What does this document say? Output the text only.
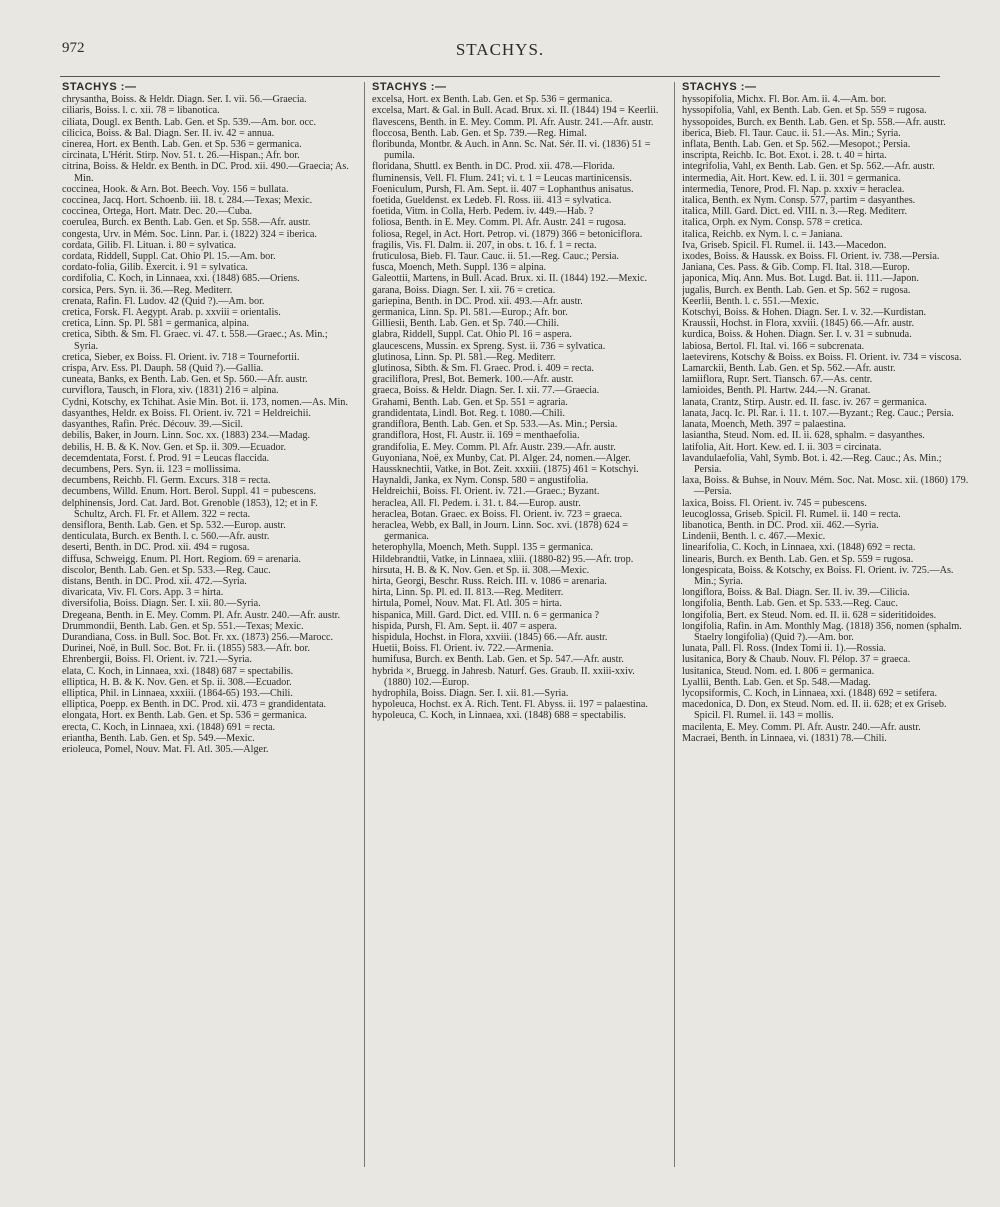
972	STACHYS.
STACHYS :—

chrysantha, Boiss. & Heldr. Diagn. Ser. I. vii. 56.—Graecia.

ciliaris, Boiss. l. c. xii. 78 = libanotica.

ciliata, Dougl. ex Benth. Lab. Gen. et Sp. 539.—Am. bor. occ.

cilicica, Boiss. & Bal. Diagn. Ser. II. iv. 42 = annua.

cinerea, Hort. ex Benth. Lab. Gen. et Sp. 536 = germanica.

circinata, L'Hérit. Stirp. Nov. 51. t. 26.—Hispan.; Afr. bor.

citrina, Boiss. & Heldr. ex Benth. in DC. Prod. xii. 490.—Graecia; As. Min.

coccinea, Hook. & Arn. Bot. Beech. Voy. 156 = bullata.

coccinea, Jacq. Hort. Schoenb. iii. 18. t. 284.—Texas; Mexic.

coccinea, Ortega, Hort. Matr. Dec. 20.—Cuba.

coerulea, Burch. ex Benth. Lab. Gen. et Sp. 558.—Afr. austr.

congesta, Urv. in Mém. Soc. Linn. Par. i. (1822) 324 = iberica.

cordata, Gilib. Fl. Lituan. i. 80 = sylvatica.

cordata, Riddell, Suppl. Cat. Ohio Pl. 15.—Am. bor.

cordato-folia, Gilib. Exercit. i. 91 = sylvatica.

cordifolia, C. Koch, in Linnaea, xxi. (1848) 685.—Oriens.

corsica, Pers. Syn. ii. 36.—Reg. Mediterr.

crenata, Rafin. Fl. Ludov. 42 (Quid ?).—Am. bor.

cretica, Forsk. Fl. Aegypt. Arab. p. xxviii = orientalis.

cretica, Linn. Sp. Pl. 581 = germanica, alpina.

cretica, Sibth. & Sm. Fl. Graec. vi. 47. t. 558.—Graec.; As. Min.; Syria.

cretica, Sieber, ex Boiss. Fl. Orient. iv. 718 = Tournefortii.

crispa, Arv. Ess. Pl. Dauph. 58 (Quid ?).—Gallia.

cuneata, Banks, ex Benth. Lab. Gen. et Sp. 560.—Afr. austr.

curviflora, Tausch, in Flora, xiv. (1831) 216 = alpina.

Cydni, Kotschy, ex Tchihat. Asie Min. Bot. ii. 173, nomen.—As. Min.

dasyanthes, Heldr. ex Boiss. Fl. Orient. iv. 721 = Heldreichii.

dasyanthes, Rafin. Préc. Découv. 39.—Sicil.

debilis, Baker, in Journ. Linn. Soc. xx. (1883) 234.—Madag.

debilis, H. B. & K. Nov. Gen. et Sp. ii. 309.—Ecuador.

decemdentata, Forst. f. Prod. 91 = Leucas flaccida.

decumbens, Pers. Syn. ii. 123 = mollissima.

decumbens, Reichb. Fl. Germ. Excurs. 318 = recta.

decumbens, Willd. Enum. Hort. Berol. Suppl. 41 = pubescens.

delphinensis, Jord. Cat. Jard. Bot. Grenoble (1853), 12; et in F. Schultz, Arch. Fl. Fr. et Allem. 322 = recta.

densiflora, Benth. Lab. Gen. et Sp. 532.—Europ. austr.

denticulata, Burch. ex Benth. l. c. 560.—Afr. austr.

deserti, Benth. in DC. Prod. xii. 494 = rugosa.

diffusa, Schweigg. Enum. Pl. Hort. Regiom. 69 = arenaria.

discolor, Benth. Lab. Gen. et Sp. 533.—Reg. Cauc.

distans, Benth. in DC. Prod. xii. 472.—Syria.

divaricata, Viv. Fl. Cors. App. 3 = hirta.

diversifolia, Boiss. Diagn. Ser. I. xii. 80.—Syria.

Dregeana, Benth. in E. Mey. Comm. Pl. Afr. Austr. 240.—Afr. austr.

Drummondii, Benth. Lab. Gen. et Sp. 551.—Texas; Mexic.

Durandiana, Coss. in Bull. Soc. Bot. Fr. xx. (1873) 256.—Marocc.

Durinei, Noë, in Bull. Soc. Bot. Fr. ii. (1855) 583.—Afr. bor.

Ehrenbergii, Boiss. Fl. Orient. iv. 721.—Syria.

elata, C. Koch, in Linnaea, xxi. (1848) 687 = spectabilis.

elliptica, H. B. & K. Nov. Gen. et Sp. ii. 308.—Ecuador.

elliptica, Phil. in Linnaea, xxxiii. (1864-65) 193.—Chili.

elliptica, Poepp. ex Benth. in DC. Prod. xii. 473 = grandidentata.

elongata, Hort. ex Benth. Lab. Gen. et Sp. 536 = germanica.

erecta, C. Koch, in Linnaea, xxi. (1848) 691 = recta.

eriantha, Benth. Lab. Gen. et Sp. 549.—Mexic.

erioleuca, Pomel, Nouv. Mat. Fl. Atl. 305.—Alger.

STACHYS :—

excelsa, Hort. ex Benth. Lab. Gen. et Sp. 536 = germanica.

excelsa, Mart. & Gal. in Bull. Acad. Brux. xi. II. (1844) 194 = Keerlii.

flavescens, Benth. in E. Mey. Comm. Pl. Afr. Austr. 241.—Afr. austr.

floccosa, Benth. Lab. Gen. et Sp. 739.—Reg. Himal.

floribunda, Montbr. & Auch. in Ann. Sc. Nat. Sér. II. vi. (1836) 51 = pumila.

floridana, Shuttl. ex Benth. in DC. Prod. xii. 478.—Florida.

fluminensis, Vell. Fl. Flum. 241; vi. t. 1 = Leucas martinicensis.

Foeniculum, Pursh, Fl. Am. Sept. ii. 407 = Lophanthus anisatus.

foetida, Gueldenst. ex Ledeb. Fl. Ross. iii. 413 = sylvatica.

foetida, Vitm. in Colla, Herb. Pedem. iv. 449.—Hab. ?

foliosa, Benth. in E. Mey. Comm. Pl. Afr. Austr. 241 = rugosa.

foliosa, Regel, in Act. Hort. Petrop. vi. (1879) 366 = betoniciflora.

fragilis, Vis. Fl. Dalm. ii. 207, in obs. t. 16. f. 1 = recta.

fruticulosa, Bieb. Fl. Taur. Cauc. ii. 51.—Reg. Cauc.; Persia.

fusca, Moench, Meth. Suppl. 136 = alpina.

Galeottii, Martens, in Bull. Acad. Brux. xi. II. (1844) 192.—Mexic.

garana, Boiss. Diagn. Ser. I. xii. 76 = cretica.

gariepina, Benth. in DC. Prod. xii. 493.—Afr. austr.

germanica, Linn. Sp. Pl. 581.—Europ.; Afr. bor.

Gilliesii, Benth. Lab. Gen. et Sp. 740.—Chili.

glabra, Riddell, Suppl. Cat. Ohio Pl. 16 = aspera.

glaucescens, Mussin. ex Spreng. Syst. ii. 736 = sylvatica.

glutinosa, Linn. Sp. Pl. 581.—Reg. Mediterr.

glutinosa, Sibth. & Sm. Fl. Graec. Prod. i. 409 = recta.

graciliflora, Presl, Bot. Bemerk. 100.—Afr. austr.

graeca, Boiss. & Heldr. Diagn. Ser. I. xii. 77.—Graecia.

Grahami, Benth. Lab. Gen. et Sp. 551 = agraria.

grandidentata, Lindl. Bot. Reg. t. 1080.—Chili.

grandiflora, Benth. Lab. Gen. et Sp. 533.—As. Min.; Persia.

grandiflora, Host, Fl. Austr. ii. 169 = menthaefolia.

grandifolia, E. Mey. Comm. Pl. Afr. Austr. 239.—Afr. austr.

Guyoniana, Noë, ex Munby, Cat. Pl. Alger. 24, nomen.—Alger.

Haussknechtii, Vatke, in Bot. Zeit. xxxiii. (1875) 461 = Kotschyi.

Haynaldi, Janka, ex Nym. Consp. 580 = angustifolia.

Heldreichii, Boiss. Fl. Orient. iv. 721.—Graec.; Byzant.

heraclea, All. Fl. Pedem. i. 31. t. 84.—Europ. austr.

heraclea, Botan. Graec. ex Boiss. Fl. Orient. iv. 723 = graeca.

heraclea, Webb, ex Ball, in Journ. Linn. Soc. xvi. (1878) 624 = germanica.

heterophylla, Moench, Meth. Suppl. 135 = germanica.

Hildebrandtii, Vatke, in Linnaea, xliii. (1880-82) 95.—Afr. trop.

hirsuta, H. B. & K. Nov. Gen. et Sp. ii. 308.—Mexic.

hirta, Georgi, Beschr. Russ. Reich. III. v. 1086 = arenaria.

hirta, Linn. Sp. Pl. ed. II. 813.—Reg. Mediterr.

hirtula, Pomel, Nouv. Mat. Fl. Atl. 305 = hirta.

hispanica, Mill. Gard. Dict. ed. VIII. n. 6 = germanica ?

hispida, Pursh, Fl. Am. Sept. ii. 407 = aspera.

hispidula, Hochst. in Flora, xxviii. (1845) 66.—Afr. austr.

Huetii, Boiss. Fl. Orient. iv. 722.—Armenia.

humifusa, Burch. ex Benth. Lab. Gen. et Sp. 547.—Afr. austr.

hybrida ×, Bruegg. in Jahresb. Naturf. Ges. Graub. II. xxiii-xxiv. (1880) 102.—Europ.

hydrophila, Boiss. Diagn. Ser. I. xii. 81.—Syria.

hypoleuca, Hochst. ex A. Rich. Tent. Fl. Abyss. ii. 197 = palaestina.

hypoleuca, C. Koch, in Linnaea, xxi. (1848) 688 = spectabilis.

STACHYS :—

hyssopifolia, Michx. Fl. Bor. Am. ii. 4.—Am. bor.

hyssopifolia, Vahl, ex Benth. Lab. Gen. et Sp. 559 = rugosa.

hyssopoides, Burch. ex Benth. Lab. Gen. et Sp. 558.—Afr. austr.

iberica, Bieb. Fl. Taur. Cauc. ii. 51.—As. Min.; Syria.

inflata, Benth. Lab. Gen. et Sp. 562.—Mesopot.; Persia.

inscripta, Reichb. Ic. Bot. Exot. i. 28. t. 40 = hirta.

integrifolia, Vahl, ex Benth. Lab. Gen. et Sp. 562.—Afr. austr.

intermedia, Ait. Hort. Kew. ed. I. ii. 301 = germanica.

intermedia, Tenore, Prod. Fl. Nap. p. xxxiv = heraclea.

italica, Benth. ex Nym. Consp. 577, partim = dasyanthes.

italica, Mill. Gard. Dict. ed. VIII. n. 3.—Reg. Mediterr.

italica, Orph. ex Nym. Consp. 578 = cretica.

italica, Reichb. ex Nym. l. c. = Janiana.

Iva, Griseb. Spicil. Fl. Rumel. ii. 143.—Macedon.

ixodes, Boiss. & Haussk. ex Boiss. Fl. Orient. iv. 738.—Persia.

Janiana, Ces. Pass. & Gib. Comp. Fl. Ital. 318.—Europ.

japonica, Miq. Ann. Mus. Bot. Lugd. Bat. ii. 111.—Japon.

jugalis, Burch. ex Benth. Lab. Gen. et Sp. 562 = rugosa.

Keerlii, Benth. l. c. 551.—Mexic.

Kotschyi, Boiss. & Hohen. Diagn. Ser. I. v. 32.—Kurdistan.

Kraussii, Hochst. in Flora, xxviii. (1845) 66.—Afr. austr.

kurdica, Boiss. & Hohen. Diagn. Ser. I. v. 31 = subnuda.

labiosa, Bertol. Fl. Ital. vi. 166 = subcrenata.

laetevirens, Kotschy & Boiss. ex Boiss. Fl. Orient. iv. 734 = viscosa.

Lamarckii, Benth. Lab. Gen. et Sp. 562.—Afr. austr.

lamiiflora, Rupr. Sert. Tiansch. 67.—As. centr.

lamioides, Benth. Pl. Hartw. 244.—N. Granat.

lanata, Crantz, Stirp. Austr. ed. II. fasc. iv. 267 = germanica.

lanata, Jacq. Ic. Pl. Rar. i. 11. t. 107.—Byzant.; Reg. Cauc.; Persia.

lanata, Moench, Meth. 397 = palaestina.

lasiantha, Steud. Nom. ed. II. ii. 628, sphalm. = dasyanthes.

latifolia, Ait. Hort. Kew. ed. I. ii. 303 = circinata.

lavandulaefolia, Vahl, Symb. Bot. i. 42.—Reg. Cauc.; As. Min.; Persia.

laxa, Boiss. & Buhse, in Nouv. Mém. Soc. Nat. Mosc. xii. (1860) 179.—Persia.

laxica, Boiss. Fl. Orient. iv. 745 = pubescens.

leucoglossa, Griseb. Spicil. Fl. Rumel. ii. 140 = recta.

libanotica, Benth. in DC. Prod. xii. 462.—Syria.

Lindenii, Benth. l. c. 467.—Mexic.

linearifolia, C. Koch, in Linnaea, xxi. (1848) 692 = recta.

linearis, Burch. ex Benth. Lab. Gen. et Sp. 559 = rugosa.

longespicata, Boiss. & Kotschy, ex Boiss. Fl. Orient. iv. 725.—As. Min.; Syria.

longiflora, Boiss. & Bal. Diagn. Ser. II. iv. 39.—Cilicia.

longifolia, Benth. Lab. Gen. et Sp. 533.—Reg. Cauc.

longifolia, Bert. ex Steud. Nom. ed. II. ii. 628 = sideritidoides.

longifolia, Rafin. in Am. Monthly Mag. (1818) 356, nomen (sphalm. Staelry longifolia) (Quid ?).—Am. bor.

lunata, Pall. Fl. Ross. (Index Tomi ii. 1).—Rossia.

lusitanica, Bory & Chaub. Nouv. Fl. Pélop. 37 = graeca.

lusitanica, Steud. Nom. ed. I. 806 = germanica.

Lyallii, Benth. Lab. Gen. et Sp. 548.—Madag.

lycopsiformis, C. Koch, in Linnaea, xxi. (1848) 692 = setifera.

macedonica, D. Don, ex Steud. Nom. ed. II. ii. 628; et ex Griseb. Spicil. Fl. Rumel. ii. 143 = mollis.

macilenta, E. Mey. Comm. Pl. Afr. Austr. 240.—Afr. austr.

Macraei, Benth. in Linnaea, vi. (1831) 78.—Chili.
